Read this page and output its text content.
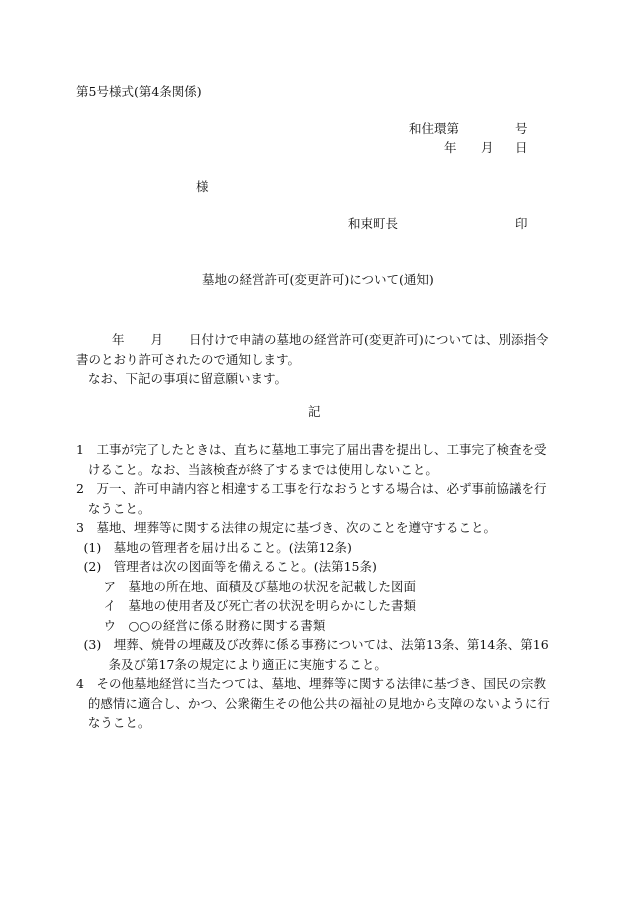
第5号様式(第4条関係)
和住環第	号
年 月 日
様
和束町長	印
墓地の経営許可(変更許可)について(通知)

年 月 日付けで申請の墓地の経営許可(変更許可)については、別添指令書のとおり許可されたので通知します。

なお、下記の事項に留意願います。

記
1　工事が完了したときは、直ちに墓地工事完了届出書を提出し、工事完了検査を受けること。なお、当該検査が終了するまでは使用しないこと。
2　万一、許可申請内容と相違する工事を行なおうとする場合は、必ず事前協議を行なうこと。
3　墓地、埋葬等に関する法律の規定に基づき、次のことを遵守すること。
(1)　墓地の管理者を届け出ること。(法第12条)
(2)　管理者は次の図面等を備えること。(法第15条)
ア　墓地の所在地、面積及び墓地の状況を記載した図面
イ　墓地の使用者及び死亡者の状況を明らかにした書類
ウ　○○の経営に係る財務に関する書類
(3)　埋葬、焼骨の埋蔵及び改葬に係る事務については、法第13条、第14条、第16条及び第17条の規定により適正に実施すること。
4　その他墓地経営に当たつては、墓地、埋葬等に関する法律に基づき、国民の宗教的感情に適合し、かつ、公衆衛生その他公共の福祉の見地から支障のないように行なうこと。
